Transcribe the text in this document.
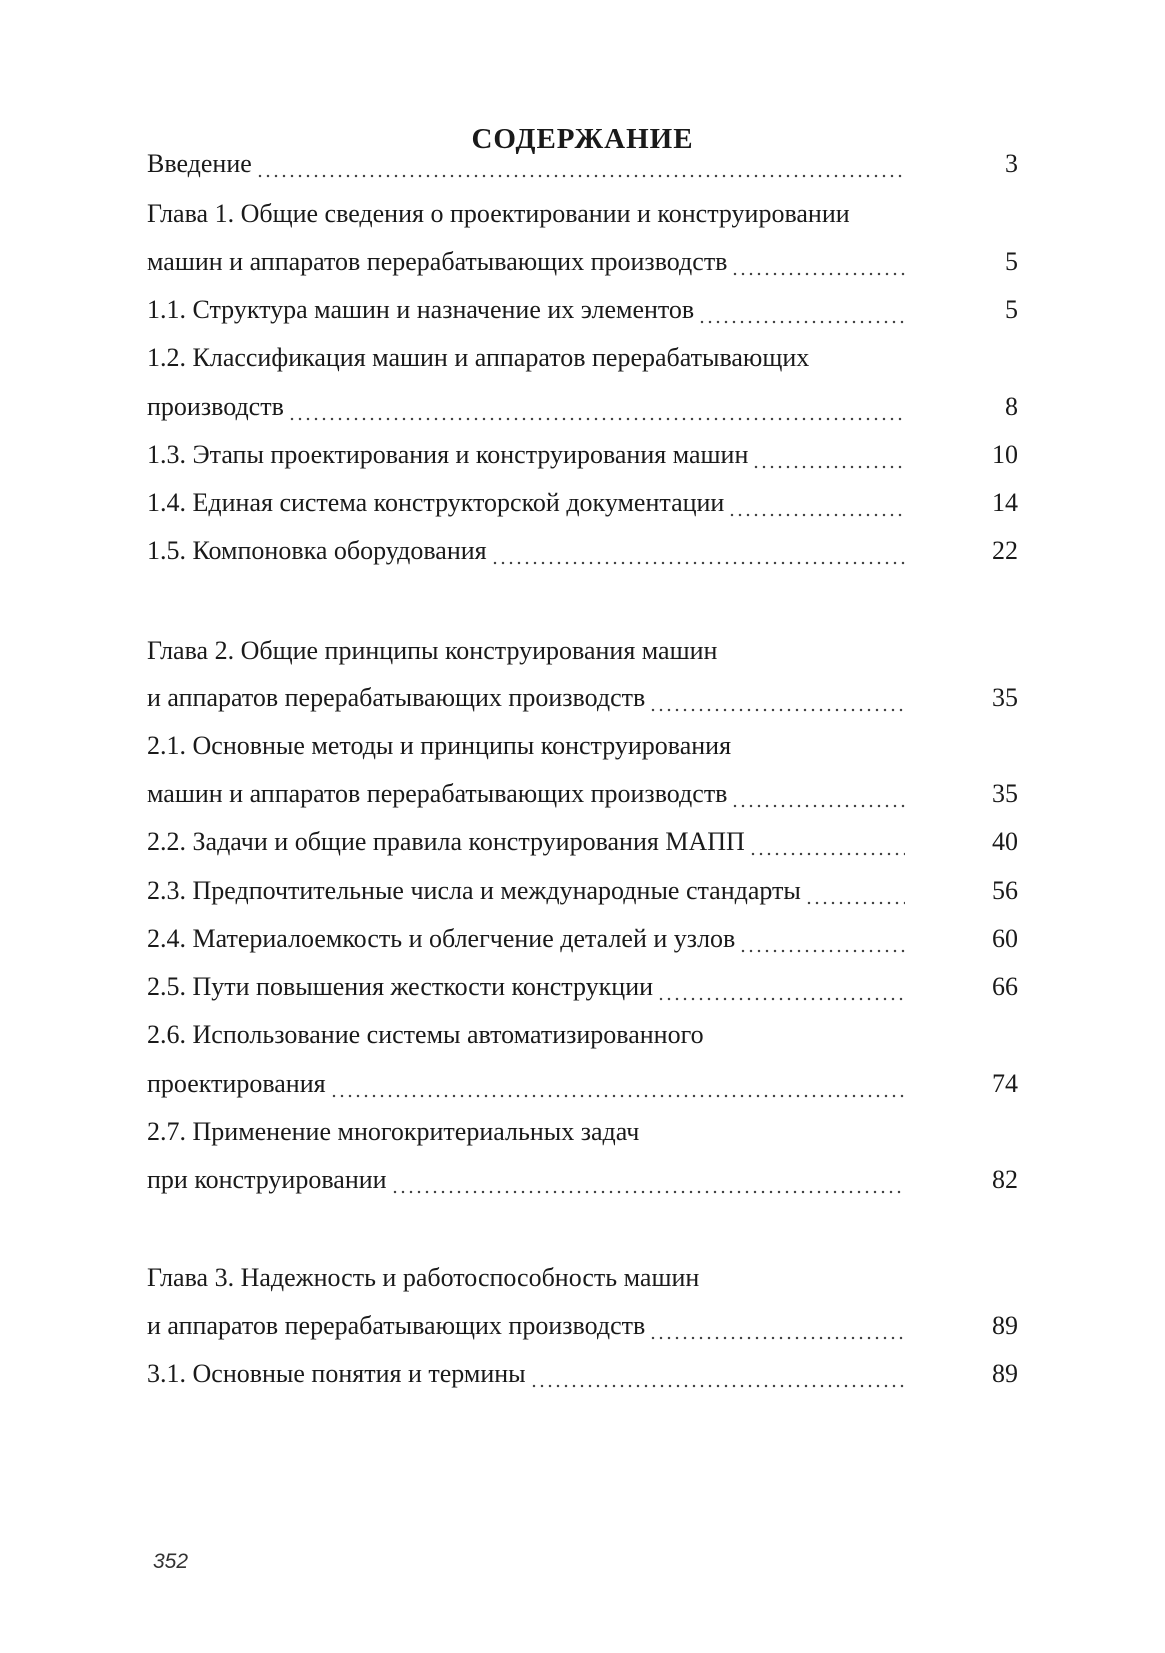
СОДЕРЖАНИЕ
Введение	3
Глава 1. Общие сведения о проектировании и конструировании
машин и аппаратов перерабатывающих производств	5
1.1. Структура машин и назначение их элементов	5
1.2. Классификация машин и аппаратов перерабатывающих
производств	8
1.3. Этапы проектирования и конструирования машин	10
1.4. Единая система конструкторской документации	14
1.5. Компоновка оборудования	22
Глава 2. Общие принципы конструирования машин
и аппаратов перерабатывающих производств	35
2.1. Основные методы и принципы конструирования
машин и аппаратов перерабатывающих производств	35
2.2. Задачи и общие правила конструирования МАПП	40
2.3. Предпочтительные числа и международные стандарты	56
2.4. Материалоемкость и облегчение деталей и узлов	60
2.5. Пути повышения жесткости конструкции	66
2.6. Использование системы автоматизированного
проектирования	74
2.7. Применение многокритериальных задач
при конструировании	82
Глава 3. Надежность и работоспособность машин
и аппаратов перерабатывающих производств	89
3.1. Основные понятия и термины	89
352
